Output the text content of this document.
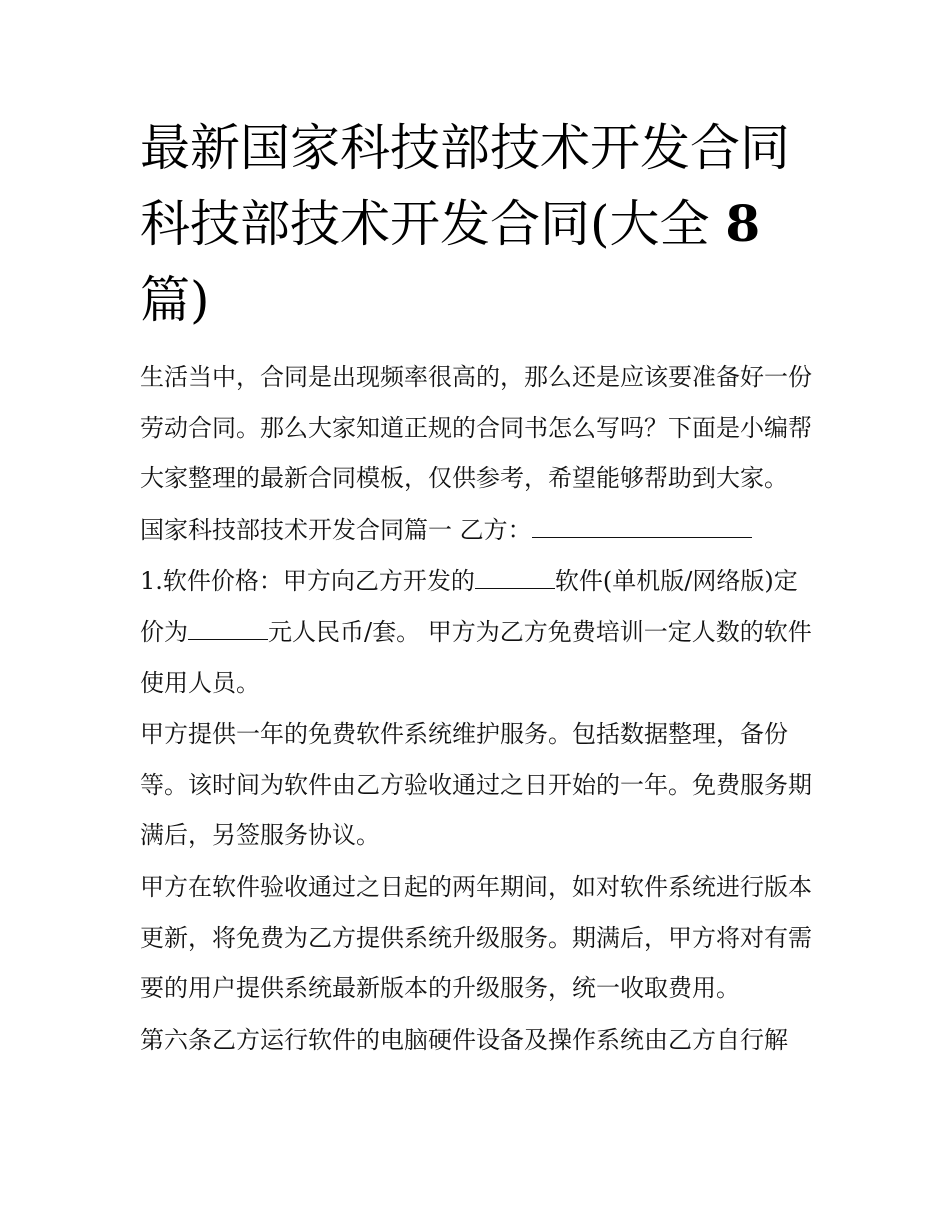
最新国家科技部技术开发合同
科技部技术开发合同(大全 8
篇)

生活当中，合同是出现频率很高的，那么还是应该要准备好一份劳动合同。那么大家知道正规的合同书怎么写吗？下面是小编帮大家整理的最新合同模板，仅供参考，希望能够帮助到大家。

国家科技部技术开发合同篇一 乙方：

1.软件价格：甲方向乙方开发的	软件(单机版/网络版)定价为	元人民币/套。 甲方为乙方免费培训一定人数的软件使用人员。

甲方提供一年的免费软件系统维护服务。包括数据整理，备份等。该时间为软件由乙方验收通过之日开始的一年。免费服务期满后，另签服务协议。

甲方在软件验收通过之日起的两年期间，如对软件系统进行版本更新，将免费为乙方提供系统升级服务。期满后，甲方将对有需要的用户提供系统最新版本的升级服务，统一收取费用。

第六条乙方运行软件的电脑硬件设备及操作系统由乙方自行解
